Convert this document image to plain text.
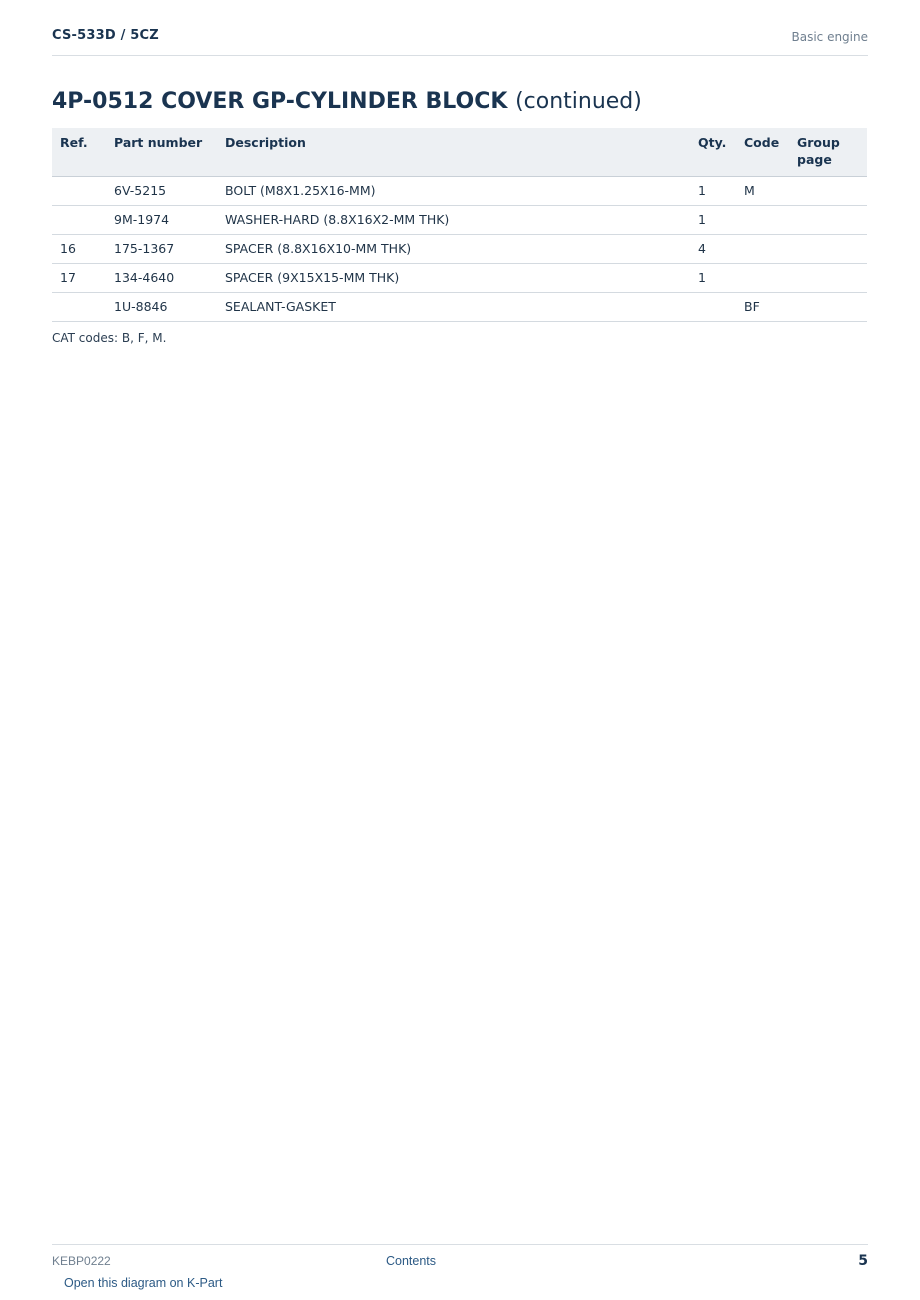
CS-533D / 5CZ	Basic engine
4P-0512 COVER GP-CYLINDER BLOCK (continued)
Ref.	Part number	Description	Qty.	Code	Group page
	6V-5215	BOLT (M8X1.25X16-MM)	1	M	
	9M-1974	WASHER-HARD (8.8X16X2-MM THK)	1		
16	175-1367	SPACER (8.8X16X10-MM THK)	4		
17	134-4640	SPACER (9X15X15-MM THK)	1		
	1U-8846	SEALANT-GASKET		BF	
CAT codes: B, F, M.
KEBP0222	Contents	5
Open this diagram on K-Part
